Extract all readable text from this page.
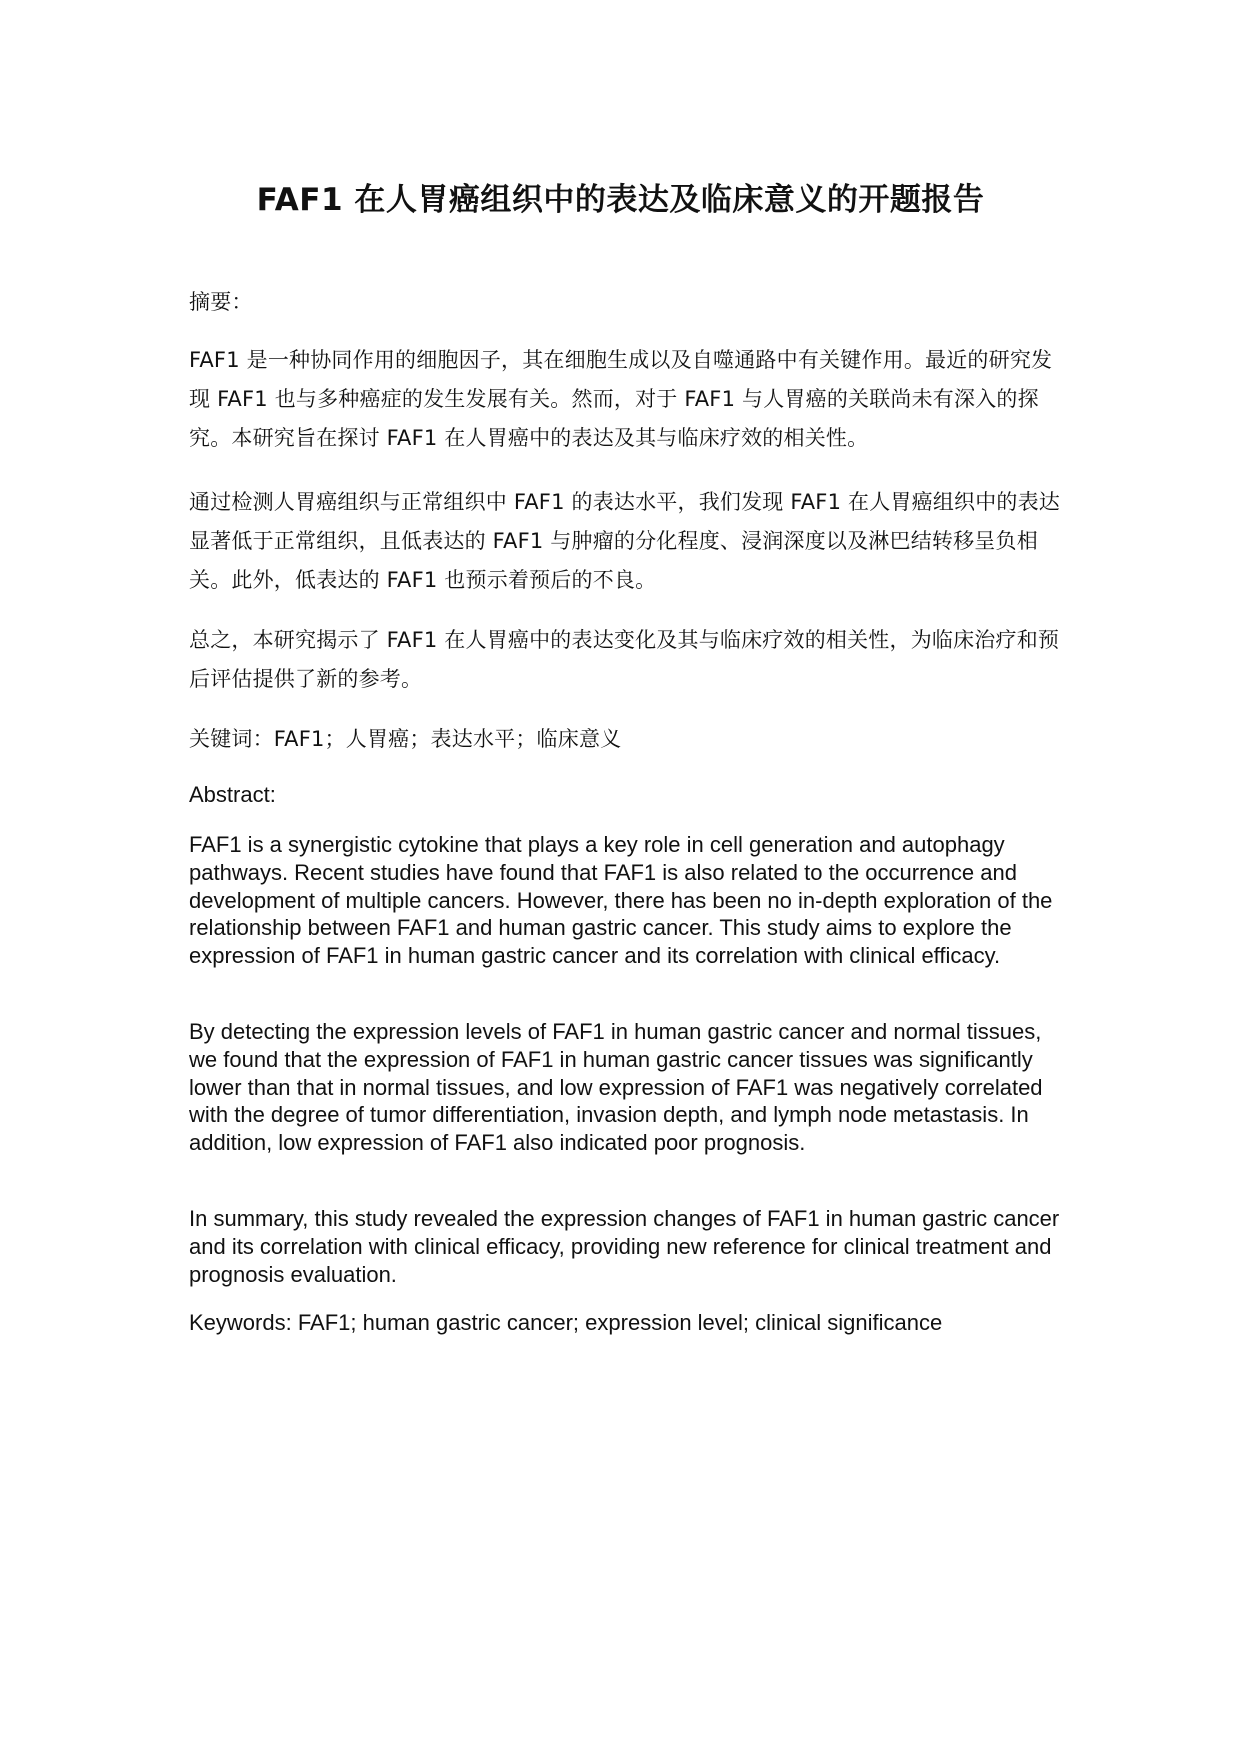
FAF1 在人胃癌组织中的表达及临床意义的开题报告

摘要：

FAF1 是一种协同作用的细胞因子，其在细胞生成以及自噬通路中有关键作用。最近的研究发现 FAF1 也与多种癌症的发生发展有关。然而，对于 FAF1 与人胃癌的关联尚未有深入的探究。本研究旨在探讨 FAF1 在人胃癌中的表达及其与临床疗效的相关性。

通过检测人胃癌组织与正常组织中 FAF1 的表达水平，我们发现 FAF1 在人胃癌组织中的表达显著低于正常组织，且低表达的 FAF1 与肿瘤的分化程度、浸润深度以及淋巴结转移呈负相关。此外，低表达的 FAF1 也预示着预后的不良。

总之，本研究揭示了 FAF1 在人胃癌中的表达变化及其与临床疗效的相关性，为临床治疗和预后评估提供了新的参考。

关键词：FAF1；人胃癌；表达水平；临床意义

Abstract:

FAF1 is a synergistic cytokine that plays a key role in cell generation and autophagy pathways. Recent studies have found that FAF1 is also related to the occurrence and development of multiple cancers. However, there has been no in-depth exploration of the relationship between FAF1 and human gastric cancer. This study aims to explore the expression of FAF1 in human gastric cancer and its correlation with clinical efficacy.

By detecting the expression levels of FAF1 in human gastric cancer and normal tissues, we found that the expression of FAF1 in human gastric cancer tissues was significantly lower than that in normal tissues, and low expression of FAF1 was negatively correlated with the degree of tumor differentiation, invasion depth, and lymph node metastasis. In addition, low expression of FAF1 also indicated poor prognosis.

In summary, this study revealed the expression changes of FAF1 in human gastric cancer and its correlation with clinical efficacy, providing new reference for clinical treatment and prognosis evaluation.

Keywords: FAF1; human gastric cancer; expression level; clinical significance
